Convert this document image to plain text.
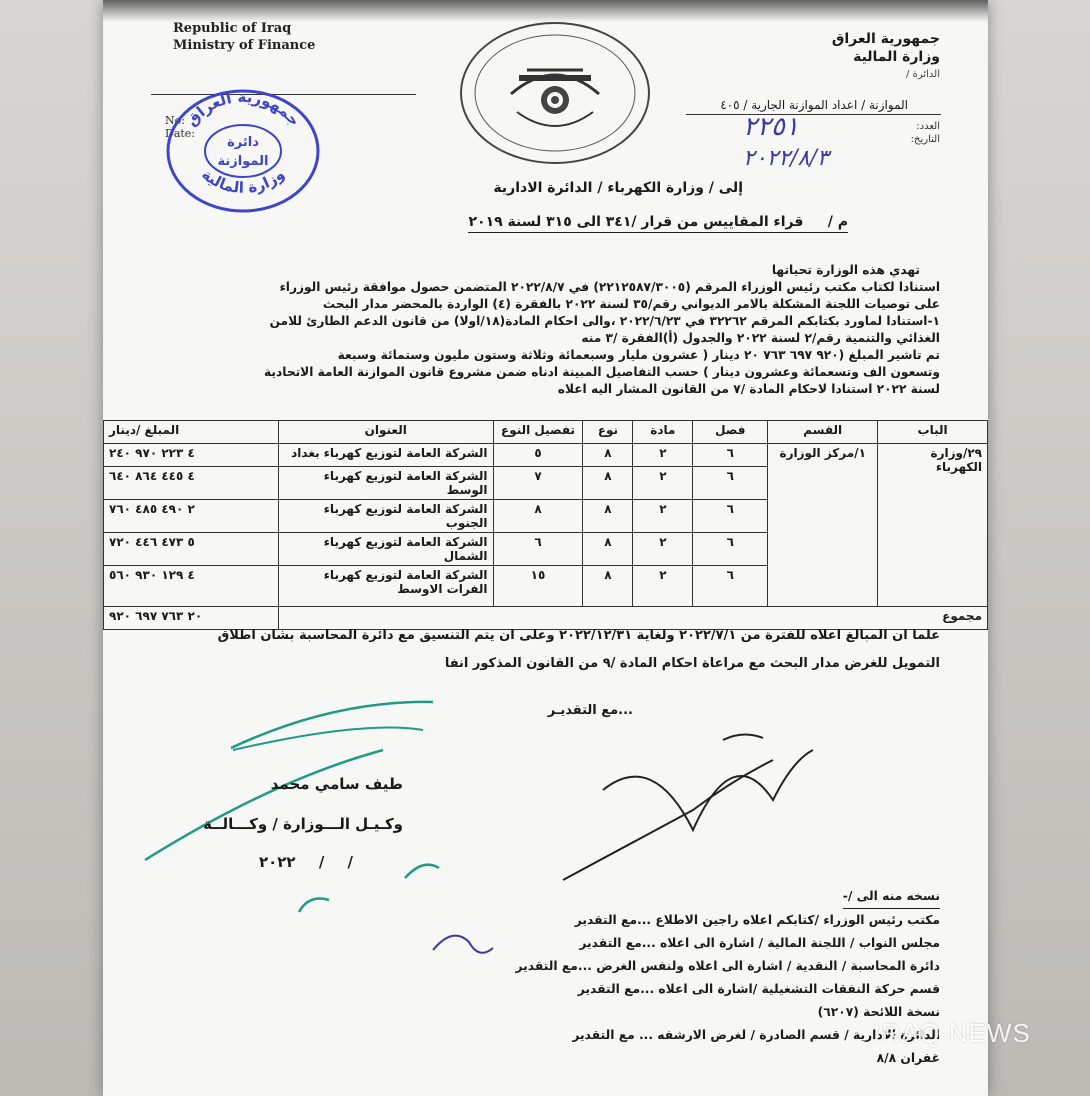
Republic of Iraq
Ministry of Finance
No:
Date:
جمهورية العراق
وزارة المالية
دائرة
الموازنة
جمهورية العراق
وزارة المالية
الدائرة /
الموازنة / اعداد الموازنة الجارية / ٤٠٥
العدد:
التاريخ:
٢٢٥١
٢٠٢٢/٨/٣
إلى / وزارة الكهرباء / الدائرة الادارية
م /     قراء المقاييس من قرار /٣٤١ الى ٣١٥ لسنة ٢٠١٩

تهدي هذه الوزارة تحياتها

استنادا لكتاب مكتب رئيس الوزراء المرقم (٢٢١٢٥٨٧/٣٠٠٥) في ٢٠٢٢/٨/٧ المتضمن حصول موافقة رئيس الوزراء

على توصيات اللجنة المشكلة بالامر الديواني رقم/٣٥ لسنة ٢٠٢٢ بالفقرة (٤) الواردة بالمحضر مدار البحث

١-استنادا لماورد بكتابكم المرقم ٣٢٢٦٢ في ٢٠٢٢/٦/٢٣ ،والى احكام المادة(١٨/اولا) من قانون الدعم الطارئ للامن

الغذائي والتنمية رقم/٢ لسنة ٢٠٢٢ والجدول (أ)الفقرة /٣ منه

تم تاشير المبلغ (٩٢٠ ٦٩٧ ٧٦٣ ٢٠ دينار ( عشرون مليار وسبعمائة وثلاثة وستون مليون وستمائة وسبعة

وتسعون الف وتسعمائة وعشرون دينار ) حسب التفاصيل المبينة ادناه ضمن مشروع قانون الموازنة العامة الاتحادية

لسنة ٢٠٢٢ استنادا لاحكام المادة /٧ من القانون المشار اليه اعلاه

الباب	القسم	فصل	مادة	نوع	تفصيل النوع	العنوان	المبلغ /دينار
٢٩/وزارة الكهرباء	١/مركز الوزارة	٦	٢	٨	٥	الشركة العامة لتوزيع كهرباء بغداد	٤ ٢٢٣ ٩٧٠ ٢٤٠
		٦	٢	٨	٧	الشركة العامة لتوزيع كهرباء الوسط	٤ ٤٤٥ ٨٦٤ ٦٤٠
		٦	٢	٨	٨	الشركة العامة لتوزيع كهرباء الجنوب	٢ ٤٩٠ ٤٨٥ ٧٦٠
		٦	٢	٨	٦	الشركة العامة لتوزيع كهرباء الشمال	٥ ٤٧٣ ٤٤٦ ٧٢٠
		٦	٢	٨	١٥	الشركة العامة لتوزيع كهرباء الفرات الاوسط	٤ ١٢٩ ٩٣٠ ٥٦٠
مجموع							٢٠ ٧٦٣ ٦٩٧ ٩٢٠

علما ان المبالغ اعلاه للفترة من ٢٠٢٢/٧/١ ولغاية ٢٠٢٢/١٢/٣١ وعلى ان يتم التنسيق مع دائرة المحاسبة بشان اطلاق

التمويل للغرض مدار البحث مع مراعاة احكام المادة /٩ من القانون المذكور انفا

...مع التقديـر
طيف سامي محمد
وكـيـل الـــوزارة / وكـــالــة
/ / ٢٠٢٢

نسخه منه الى /-

مكتب رئيس الوزراء /كتابكم اعلاه راجين الاطلاع ...مع التقدير

مجلس النواب / اللجنة المالية / اشارة الى اعلاه ...مع التقدير

دائرة المحاسبة / النقدية / اشارة الى اعلاه ولنفس الغرض ...مع التقدير

قسم حركة النفقات التشغيلية /اشارة الى اعلاه ...مع التقدير

نسخة اللائحة (٦٢٠٧)

الدائرة الادارية / قسم الصادرة / لغرض الارشفه ... مع التقدير

غفران ٨/٨

IRAQ NEWS
